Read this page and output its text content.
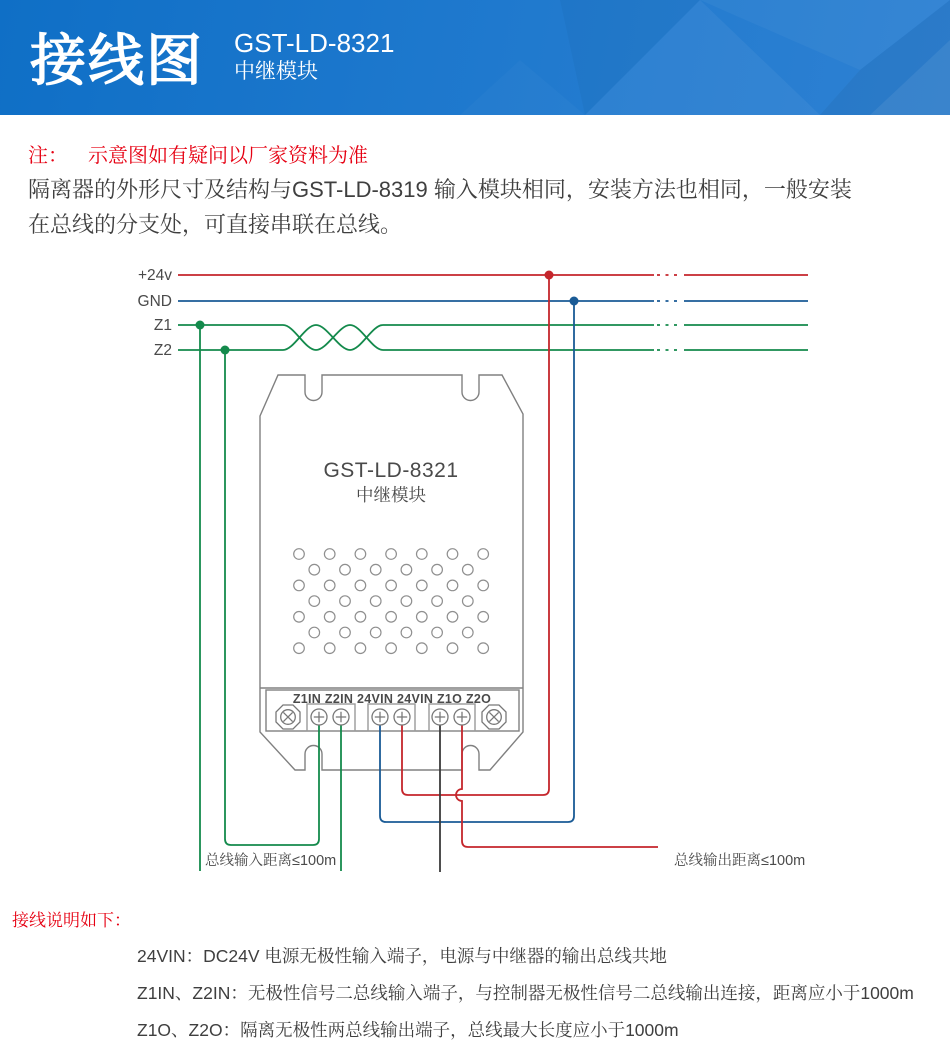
接线图 GST-LD-8321
中继模块
注： 示意图如有疑问以厂家资料为准
隔离器的外形尺寸及结构与GST-LD-8319 输入模块相同，安装方法也相同，一般安装
在总线的分支处，可直接串联在总线。
+24v
GND
Z1
Z2
GST-LD-8321
中继模块
Z1IN Z2IN 24VIN 24VIN Z1O Z2O
总线输入距离≤100m	总线输出距离≤100m
接线说明如下：
24VIN：DC24V 电源无极性输入端子，电源与中继器的输出总线共地
Z1IN、Z2IN：无极性信号二总线输入端子，与控制器无极性信号二总线输出连接，距离应小于1000m
Z1O、Z2O：隔离无极性两总线输出端子，总线最大长度应小于1000m
